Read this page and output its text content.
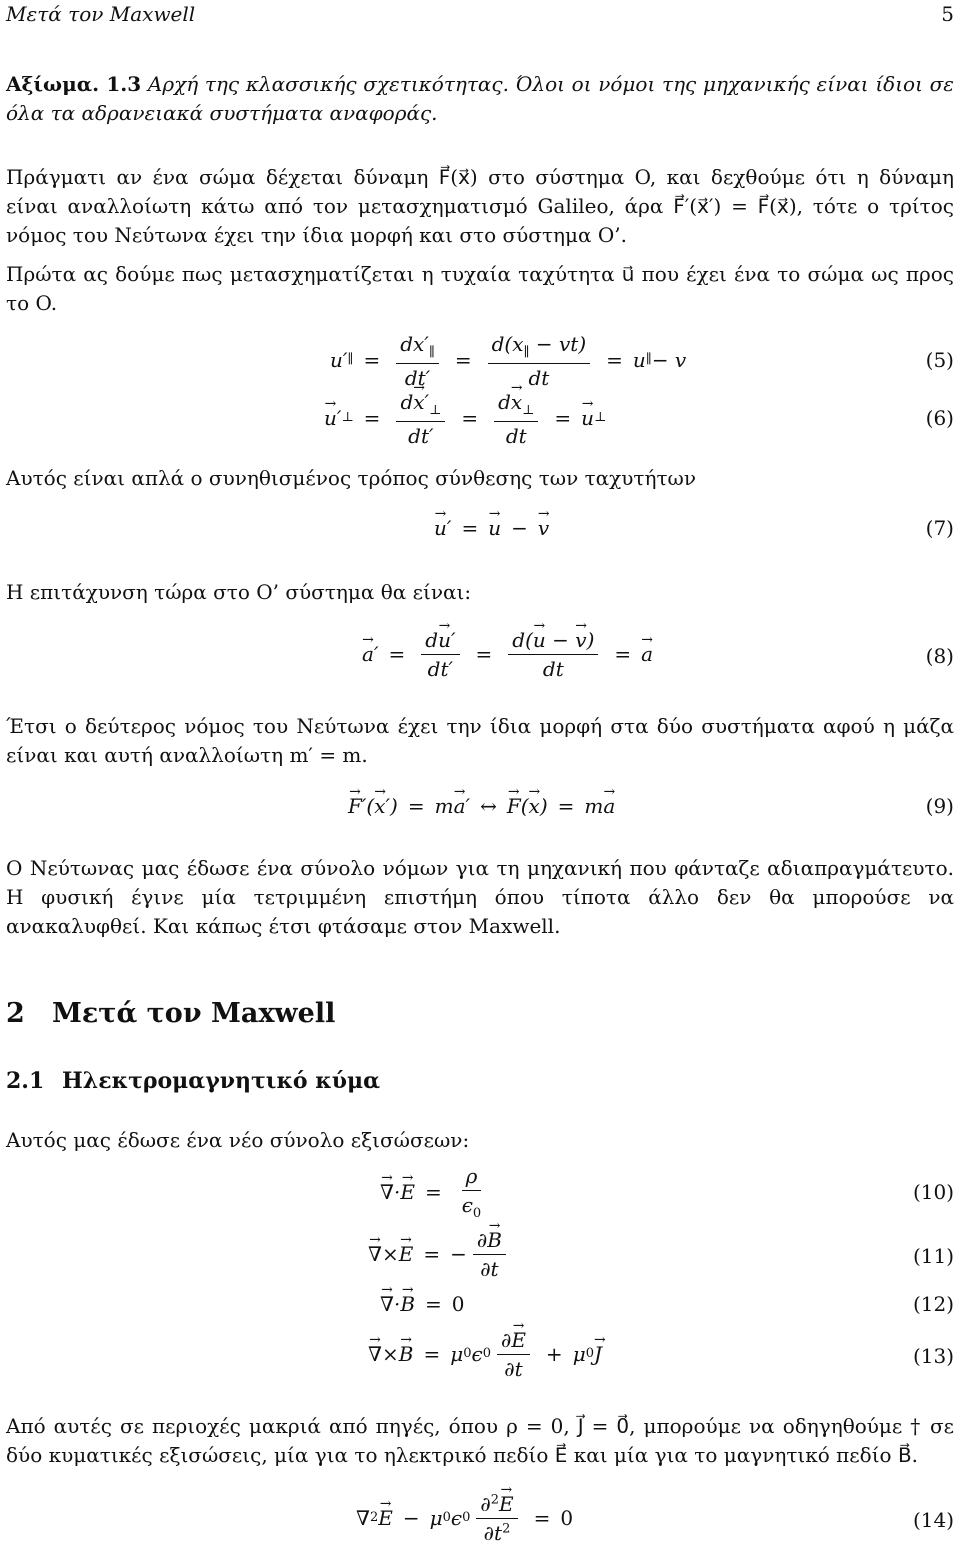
Μετά τον Maxwell	5
Αξίωμα. 1.3 Αρχή της κλασσικής σχετικότητας. Όλοι οι νόμοι της μηχανικής είναι ίδιοι σε όλα τα αδρανειακά συστήματα αναφοράς.
Πράγματι αν ένα σώμα δέχεται δύναμη F⃗(x⃗) στο σύστημα O, και δεχθούμε ότι η δύναμη είναι αναλλοίωτη κάτω από τον μετασχηματισμό Galileo, άρα F⃗′(x⃗′) = F⃗(x⃗), τότε ο τρίτος νόμος του Νεύτωνα έχει την ίδια μορφή και στο σύστημα O’.
Πρώτα ας δούμε πως μετασχηματίζεται η τυχαία ταχύτητα u⃗ που έχει ένα το σώμα ως προς το O.
u′ ∥ = $\frac{dx'_\parallel}{dt'} = \frac{d(x_\parallel - vt)}{dt} = u$ ∥ − v	(5)
→ u ′ ⊥ = $\frac{d\to x'_\perp}{dt'} = \frac{d\to x_\perp}{dt}$ = → u ⊥	(6)
Αυτός είναι απλά ο συνηθισμένος τρόπος σύνθεσης των ταχυτήτων
→ u ′ = → u − → v	(7)
Η επιτάχυνση τώρα στο O’ σύστημα θα είναι:
→ a ′ = $\frac{d\to u'}{dt'} = \frac{d(\to u - \to v)}{dt}$ = → a	(8)
Έτσι ο δεύτερος νόμος του Νεύτωνα έχει την ίδια μορφή στα δύο συστήματα αφού η μάζα είναι και αυτή αναλλοίωτη m′ = m.
→ F ′( → x ′) = m → a ′ ↔ → F ( → x ) = m → a	(9)
Ο Νεύτωνας μας έδωσε ένα σύνολο νόμων για τη μηχανική που φάνταζε αδιαπραγμάτευτο. Η φυσική έγινε μία τετριμμένη επιστήμη όπου τίποτα άλλο δεν θα μπορούσε να ανακαλυφθεί. Και κάπως έτσι φτάσαμε στον Maxwell.
2 Μετά τον Maxwell
2.1 Ηλεκτρομαγνητικό κύμα
Αυτός μας έδωσε ένα νέο σύνολο εξισώσεων:
→ ∇ · → $E = \frac{\rho}{\epsilon_0}$	(10)
→ ∇ × → E = − $\frac{\partial\to B}{\partial t}$	(11)
→ ∇ · → B = 0	(12)
→ ∇ × → B = μ 0 ϵ $0 \frac{\partial\to E}{\partial t} + \mu$ 0 → J	(13)
Από αυτές σε περιοχές μακριά από πηγές, όπου ρ = 0, J⃗ = 0⃗, μπορούμε να οδηγηθούμε † σε δύο κυματικές εξισώσεις, μία για το ηλεκτρικό πεδίο E⃗ και μία για το μαγνητικό πεδίο B⃗.
∇ 2 → E − μ 0 ϵ $0 \frac{\partial^2\to E}{\partial t^2} = 0$	(14)
